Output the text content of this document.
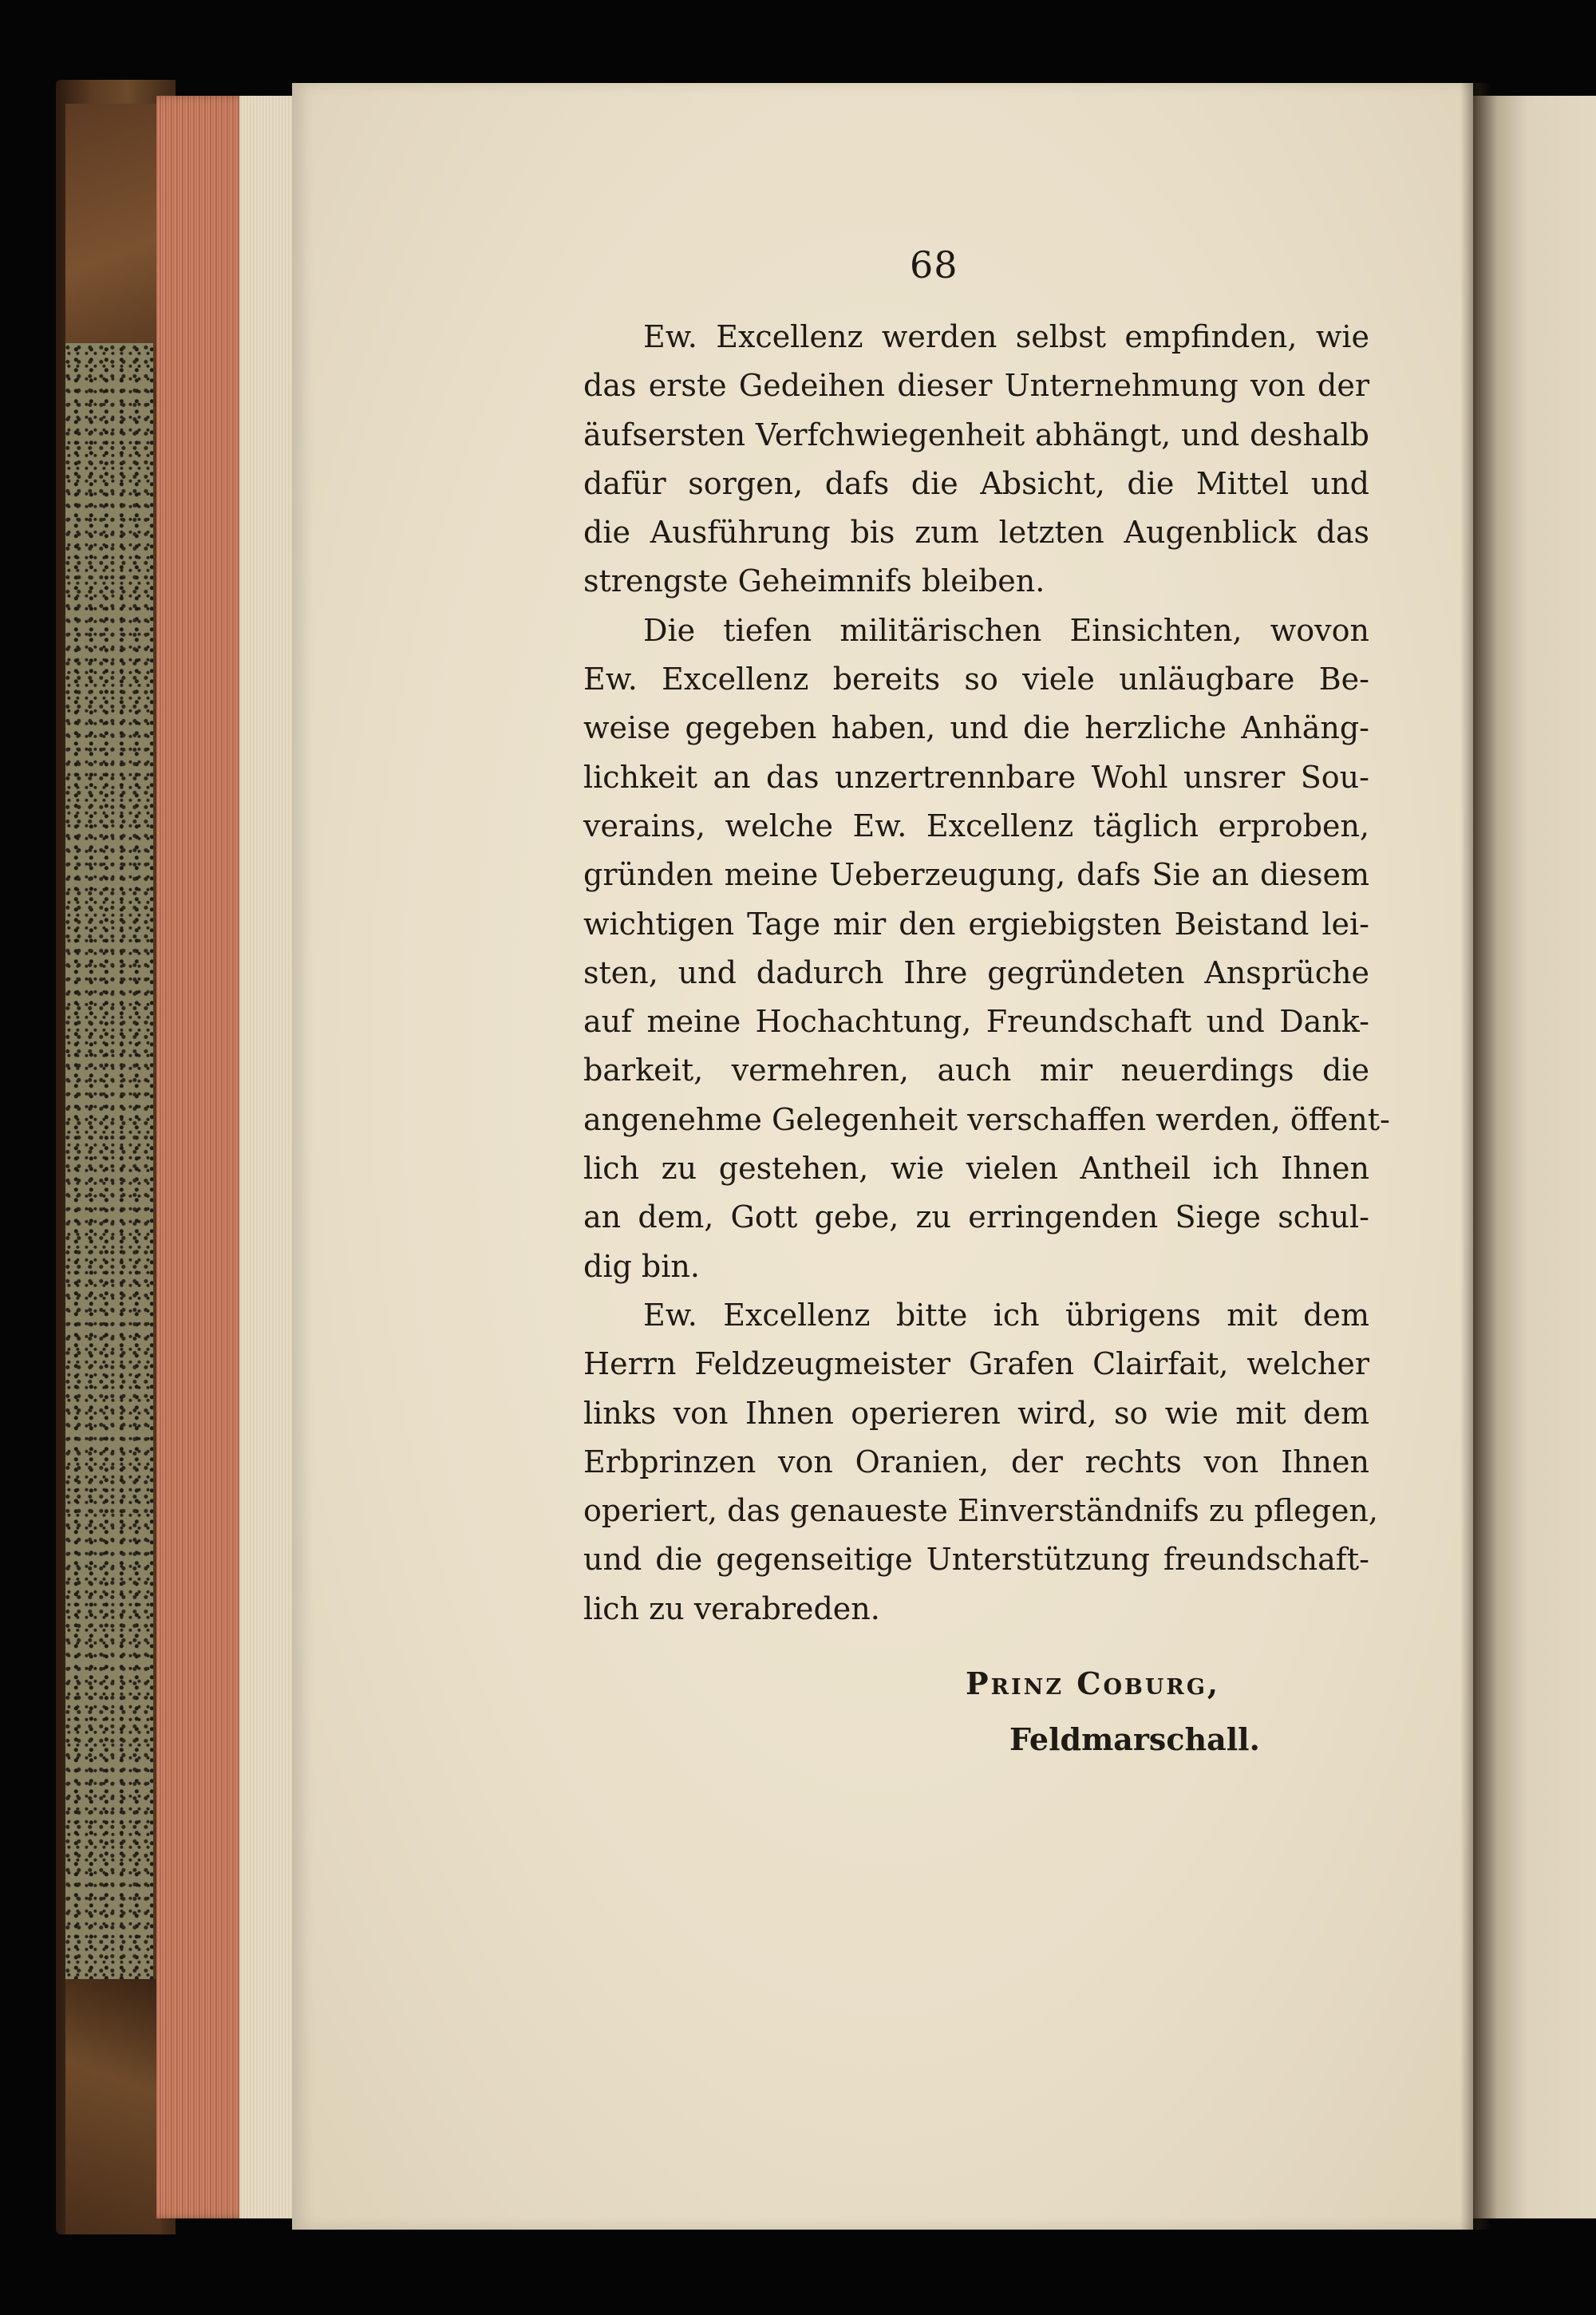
68
Ew. Excellenz werden selbst empfinden, wie
das erste Gedeihen dieser Unternehmung von der
äufsersten Verfchwiegenheit abhängt, und deshalb
dafür sorgen, dafs die Absicht, die Mittel und
die Ausführung bis zum letzten Augenblick das
strengste Geheimnifs bleiben.
Die tiefen militärischen Einsichten, wovon
Ew. Excellenz bereits so viele unläugbare Be-
weise gegeben haben, und die herzliche Anhäng-
lichkeit an das unzertrennbare Wohl unsrer Sou-
verains, welche Ew. Excellenz täglich erproben,
gründen meine Ueberzeugung, dafs Sie an diesem
wichtigen Tage mir den ergiebigsten Beistand lei-
sten, und dadurch Ihre gegründeten Ansprüche
auf meine Hochachtung, Freundschaft und Dank-
barkeit, vermehren, auch mir neuerdings die
angenehme Gelegenheit verschaffen werden, öffent-
lich zu gestehen, wie vielen Antheil ich Ihnen
an dem, Gott gebe, zu erringenden Siege schul-
dig bin.
Ew. Excellenz bitte ich übrigens mit dem
Herrn Feldzeugmeister Grafen Clairfait, welcher
links von Ihnen operieren wird, so wie mit dem
Erbprinzen von Oranien, der rechts von Ihnen
operiert, das genaueste Einverständnifs zu pflegen,
und die gegenseitige Unterstützung freundschaft-
lich zu verabreden.
Prinz Coburg,
Feldmarschall.
